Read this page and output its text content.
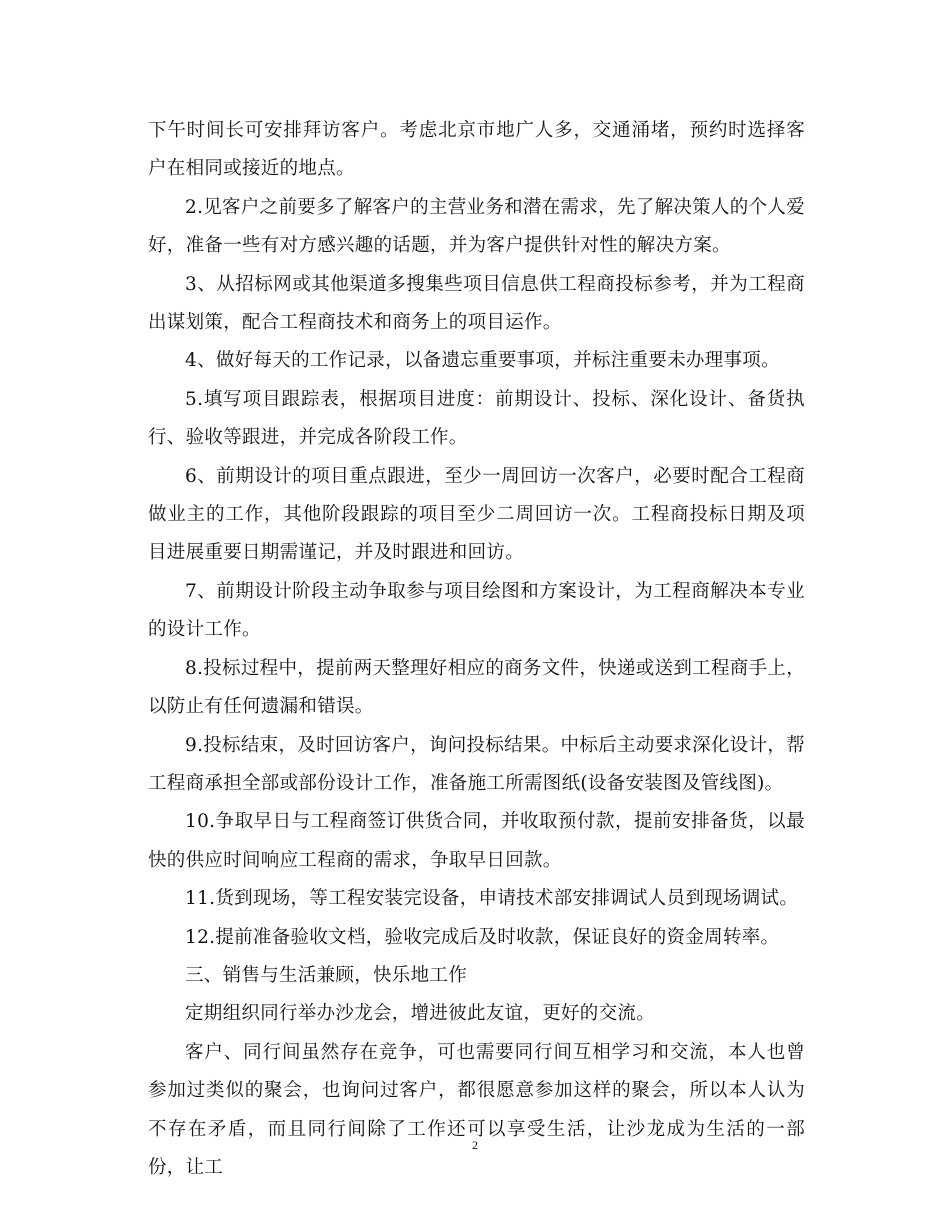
下午时间长可安排拜访客户。考虑北京市地广人多，交通涌堵，预约时选择客户在相同或接近的地点。

2.见客户之前要多了解客户的主营业务和潜在需求，先了解决策人的个人爱好，准备一些有对方感兴趣的话题，并为客户提供针对性的解决方案。

3、从招标网或其他渠道多搜集些项目信息供工程商投标参考，并为工程商出谋划策，配合工程商技术和商务上的项目运作。

4、做好每天的工作记录，以备遗忘重要事项，并标注重要未办理事项。

5.填写项目跟踪表，根据项目进度：前期设计、投标、深化设计、备货执行、验收等跟进，并完成各阶段工作。

6、前期设计的项目重点跟进，至少一周回访一次客户，必要时配合工程商做业主的工作，其他阶段跟踪的项目至少二周回访一次。工程商投标日期及项目进展重要日期需谨记，并及时跟进和回访。

7、前期设计阶段主动争取参与项目绘图和方案设计，为工程商解决本专业的设计工作。

8.投标过程中，提前两天整理好相应的商务文件，快递或送到工程商手上，以防止有任何遗漏和错误。

9.投标结束，及时回访客户，询问投标结果。中标后主动要求深化设计，帮工程商承担全部或部份设计工作，准备施工所需图纸(设备安装图及管线图)。

10.争取早日与工程商签订供货合同，并收取预付款，提前安排备货，以最快的供应时间响应工程商的需求，争取早日回款。

11.货到现场，等工程安装完设备，申请技术部安排调试人员到现场调试。

12.提前准备验收文档，验收完成后及时收款，保证良好的资金周转率。

三、销售与生活兼顾，快乐地工作

定期组织同行举办沙龙会，增进彼此友谊，更好的交流。

客户、同行间虽然存在竞争，可也需要同行间互相学习和交流，本人也曾参加过类似的聚会，也询问过客户，都很愿意参加这样的聚会，所以本人认为不存在矛盾，而且同行间除了工作还可以享受生活，让沙龙成为生活的一部份，让工

2
